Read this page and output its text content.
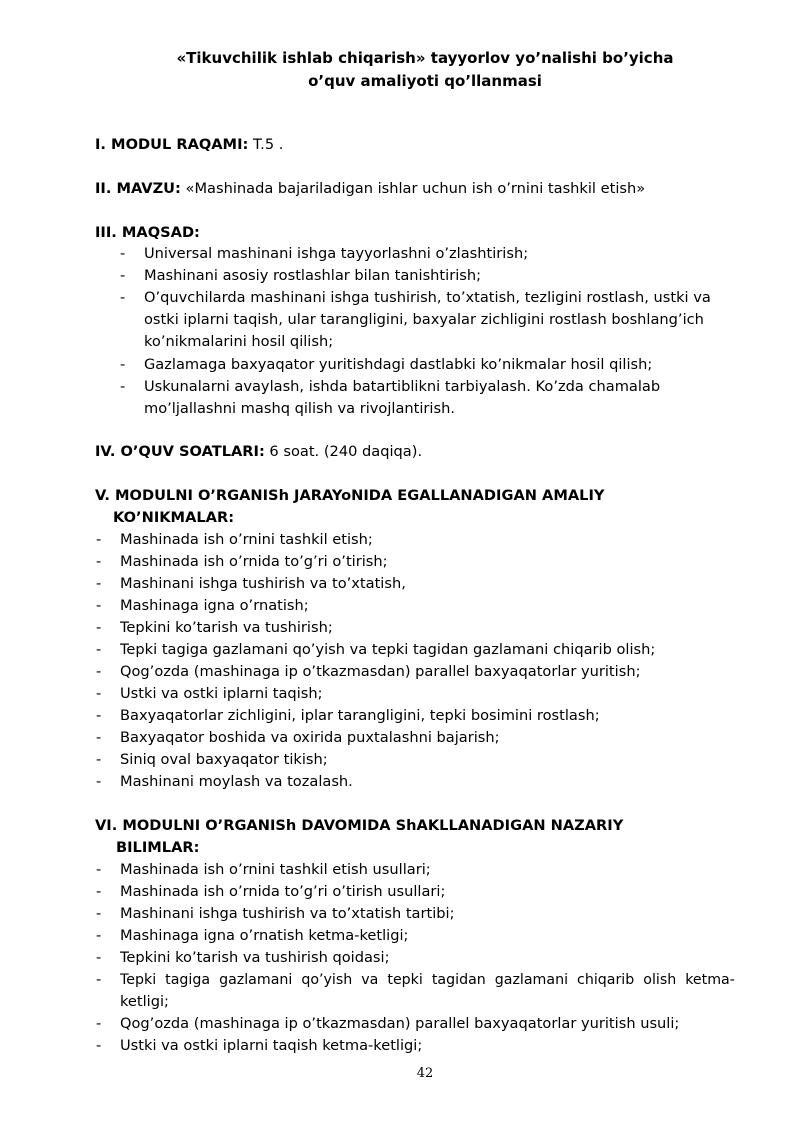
«Tikuvchilik ishlab chiqarish» tayyorlov yo’nalishi bo’yicha
o’quv amaliyoti qo’llanmasi
I. MODUL RAQAMI: T.5 .
II. MAVZU: «Mashinada bajariladigan ishlar uchun ish o’rnini tashkil etish»
III. MAQSAD:
- Universal mashinani ishga tayyorlashni o’zlashtirish;
- Mashinani asosiy rostlashlar bilan tanishtirish;
- O’quvchilarda mashinani ishga tushirish, to’xtatish, tezligini rostlash, ustki va
ostki iplarni taqish, ular tarangligini, baxyalar zichligini rostlash boshlang’ich
ko’nikmalarini hosil qilish;
- Gazlamaga baxyaqator yuritishdagi dastlabki ko’nikmalar hosil qilish;
- Uskunalarni avaylash, ishda batartiblikni tarbiyalash. Ko’zda chamalab
mo’ljallashni mashq qilish va rivojlantirish.
IV. O’QUV SOATLARI: 6 soat. (240 daqiqa).
V. MODULNI O’RGANISh JARAYoNIDA EGALLANADIGAN AMALIY
KO’NIKMALAR:
- Mashinada ish o’rnini tashkil etish;
- Mashinada ish o’rnida to’g’ri o’tirish;
- Mashinani ishga tushirish va to’xtatish,
- Mashinaga igna o’rnatish;
- Tepkini ko’tarish va tushirish;
- Tepki tagiga gazlamani qo’yish va tepki tagidan gazlamani chiqarib olish;
- Qog’ozda (mashinaga ip o’tkazmasdan) parallel baxyaqatorlar yuritish;
- Ustki va ostki iplarni taqish;
- Baxyaqatorlar zichligini, iplar tarangligini, tepki bosimini rostlash;
- Baxyaqator boshida va oxirida puxtalashni bajarish;
- Siniq oval baxyaqator tikish;
- Mashinani moylash va tozalash.
VI. MODULNI O’RGANISh DAVOMIDA ShAKLLANADIGAN NAZARIY
BILIMLAR:
- Mashinada ish o’rnini tashkil etish usullari;
- Mashinada ish o’rnida to’g’ri o’tirish usullari;
- Mashinani ishga tushirish va to’xtatish tartibi;
- Mashinaga igna o’rnatish ketma-ketligi;
- Tepkini ko’tarish va tushirish qoidasi;
- Tepki  tagiga  gazlamani  qo’yish  va  tepki  tagidan  gazlamani  chiqarib  olish  ketma-
ketligi;
- Qog’ozda (mashinaga ip o’tkazmasdan) parallel baxyaqatorlar yuritish usuli;
- Ustki va ostki iplarni taqish ketma-ketligi;
42
